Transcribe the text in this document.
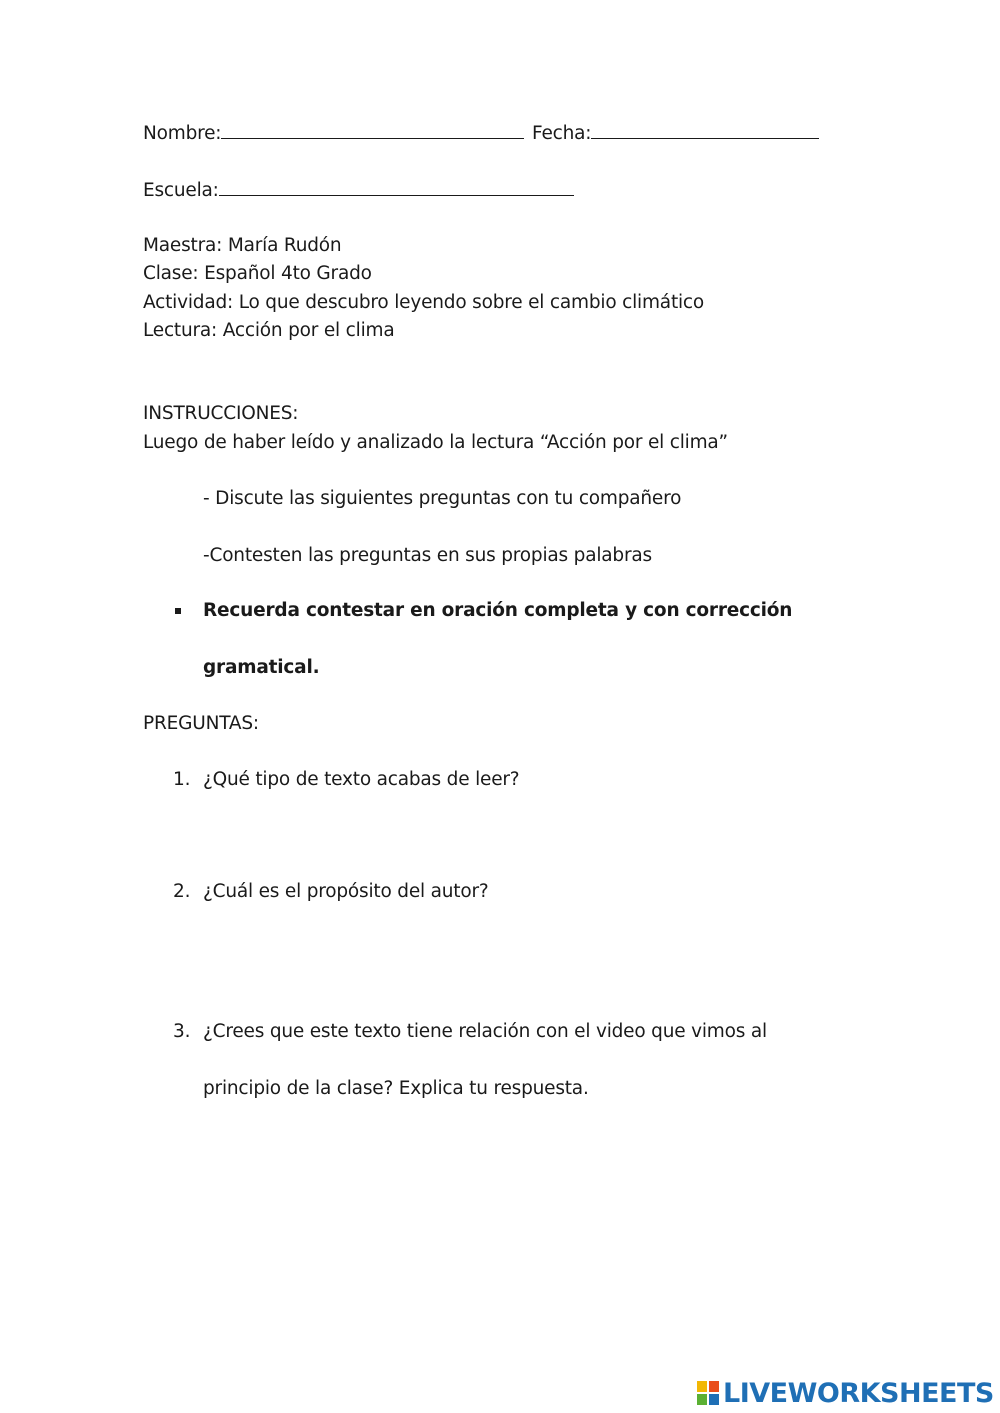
Nombre:	Fecha:
Escuela:
Maestra: María Rudón
Clase: Español 4to Grado
Actividad: Lo que descubro leyendo sobre el cambio climático
Lectura: Acción por el clima
INSTRUCCIONES:
Luego de haber leído y analizado la lectura “Acción por el clima”
- Discute las siguientes preguntas con tu compañero
-Contesten las preguntas en sus propias palabras
Recuerda contestar en oración completa y con corrección
gramatical.
PREGUNTAS:
1. ¿Qué tipo de texto acabas de leer?
2. ¿Cuál es el propósito del autor?
3. ¿Crees que este texto tiene relación con el video que vimos al
principio de la clase? Explica tu respuesta.
LIVEWORKSHEETS
